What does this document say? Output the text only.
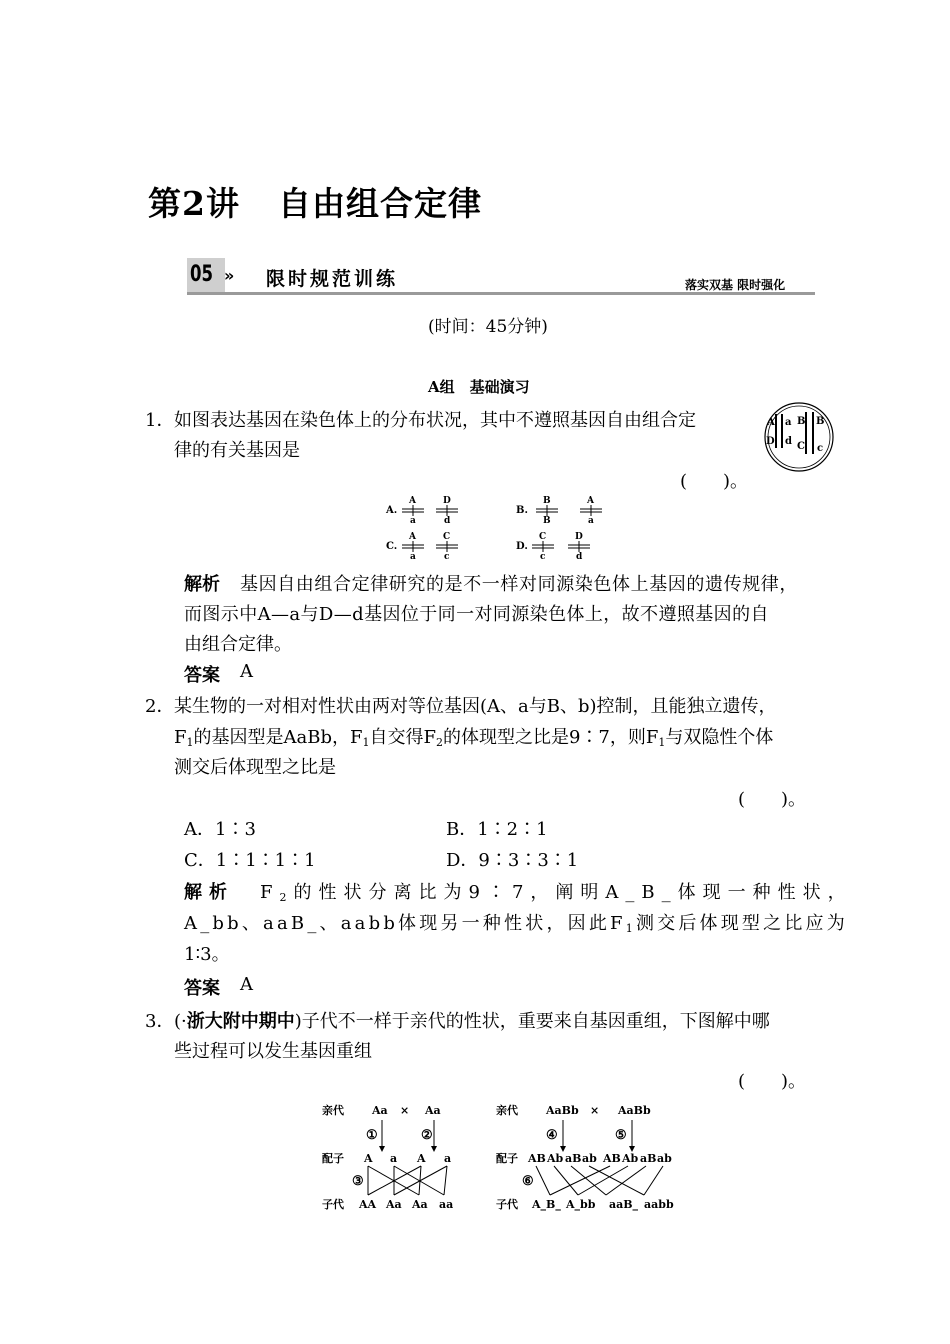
第2讲 自由组合定律
05 » 限时规范训练	落实双基 限时强化
(时间：45分钟)
A组　基础演习
1． 如图表达基因在染色体上的分布状况，其中不遵照基因自由组合定
律的有关基因是
(　　)。
A a B B
D d C c
A.
A
a
D
d
B.
B
B
A
a
C.
A
a
C
c
D.
C
c
D
d
解析 基因自由组合定律研究的是不一样对同源染色体上基因的遗传规律，
而图示中A—a与D—d基因位于同一对同源染色体上，故不遵照基因的自
由组合定律。
答案 A
2． 某生物的一对相对性状由两对等位基因(A、a与B、b)控制，且能独立遗传，
$F_1$的基因型是AaBb，$F_1$自交得$F_2$的体现型之比是9∶7，则$F_1$与双隐性个体
测交后体现型之比是
(　　)。
A．1∶3	B．1∶2∶1
C．1∶1∶1∶1	D．9∶3∶3∶1
解析 $F_2$的性状分离比为9∶7，阐明A_B_体现一种性状，
A_bb、aaB_、aabb体现另一种性状，因此$F_1$测交后体现型之比应为
1∶3。
答案 A
3． (·浙大附中期中)子代不一样于亲代的性状，重要来自基因重组，下图解中哪
些过程可以发生基因重组
(　　)。
亲代	Aa × Aa
①	②
配子 A a A a
③
子代 AA Aa Aa aa
亲代	AaBb × AaBb
④	⑤
配子 AB Ab aB ab AB Ab aB ab
⑥
子代 A_B_ A_bb aaB_ aabb
